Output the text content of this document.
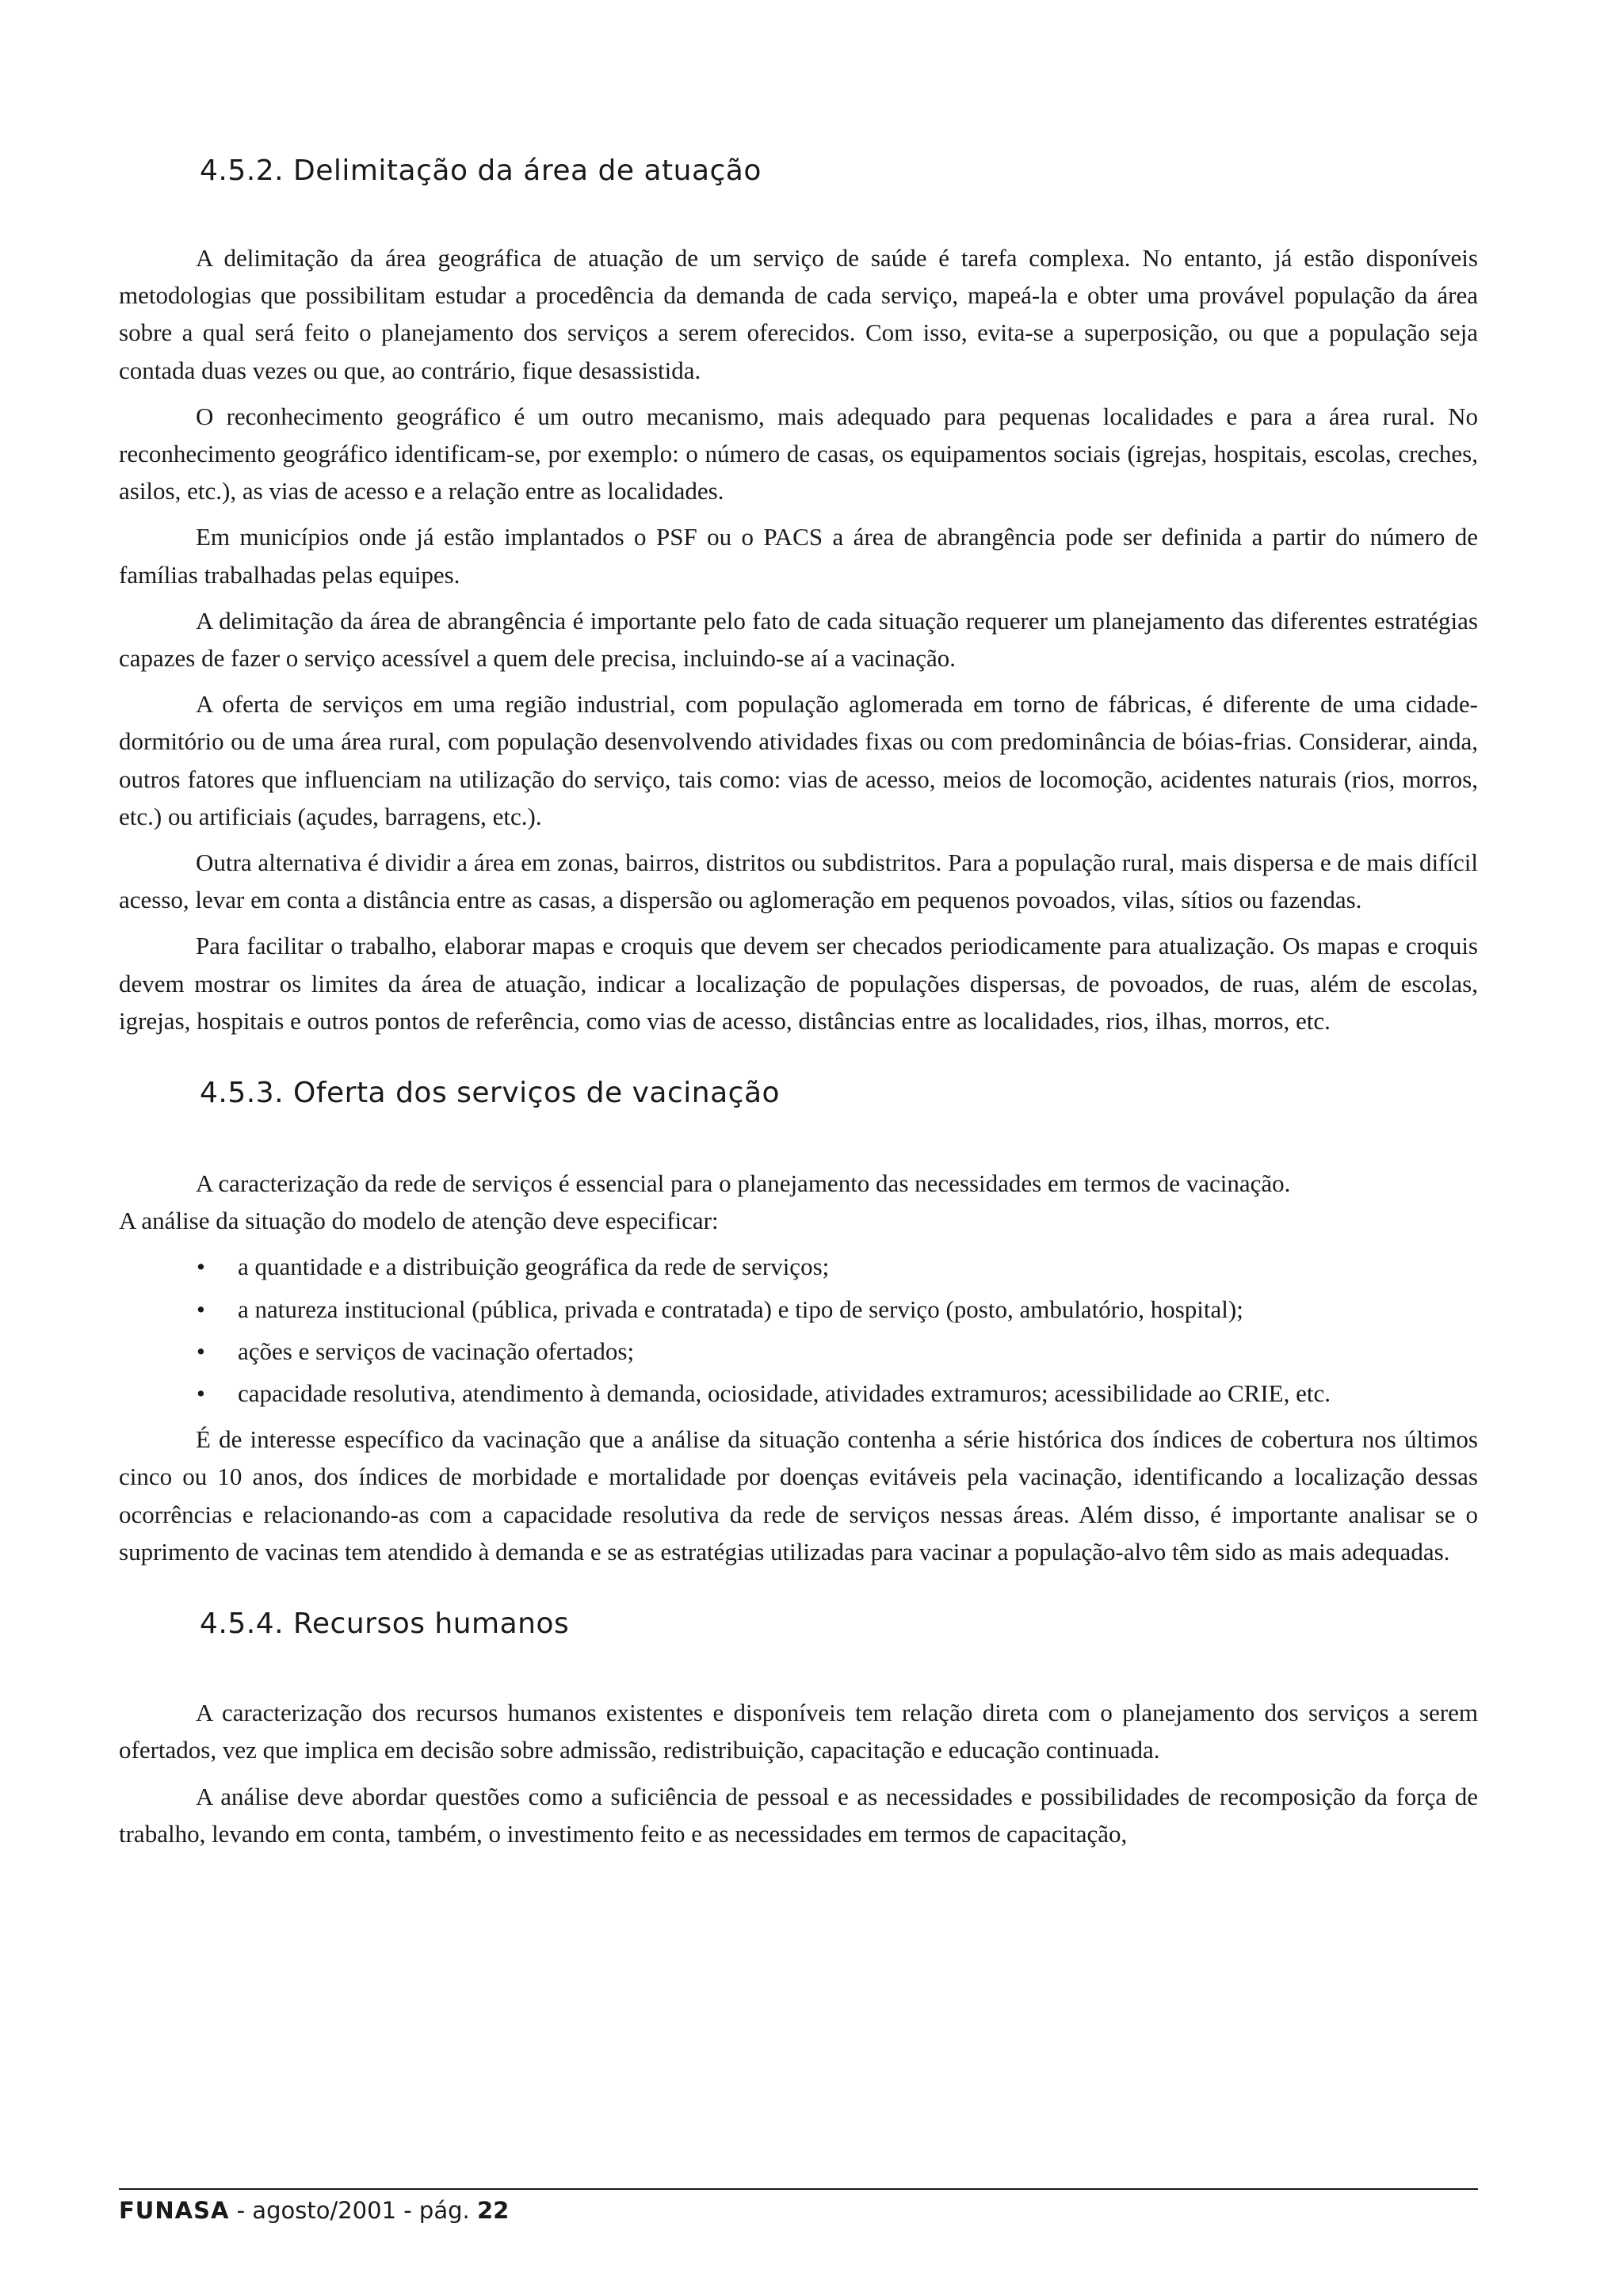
4.5.2. Delimitação da área de atuação

A delimitação da área geográfica de atuação de um serviço de saúde é tarefa complexa. No entanto, já estão disponíveis metodologias que possibilitam estudar a procedência da demanda de cada serviço, mapeá-la e obter uma provável população da área sobre a qual será feito o planejamento dos serviços a serem oferecidos. Com isso, evita-se a superposição, ou que a população seja contada duas vezes ou que, ao contrário, fique desassistida.

O reconhecimento geográfico é um outro mecanismo, mais adequado para pequenas localidades e para a área rural. No reconhecimento geográfico identificam-se, por exemplo: o número de casas, os equipamentos sociais (igrejas, hospitais, escolas, creches, asilos, etc.), as vias de acesso e a relação entre as localidades.

Em municípios onde já estão implantados o PSF ou o PACS a área de abrangência pode ser definida a partir do número de famílias trabalhadas pelas equipes.

A delimitação da área de abrangência é importante pelo fato de cada situação requerer um planejamento das diferentes estratégias capazes de fazer o serviço acessível a quem dele precisa, incluindo-se aí a vacinação.

A oferta de serviços em uma região industrial, com população aglomerada em torno de fábricas, é diferente de uma cidade-dormitório ou de uma área rural, com população desenvolvendo atividades fixas ou com predominância de bóias-frias. Considerar, ainda, outros fatores que influenciam na utilização do serviço, tais como: vias de acesso, meios de locomoção, acidentes naturais (rios, morros, etc.) ou artificiais (açudes, barragens, etc.).

Outra alternativa é dividir a área em zonas, bairros, distritos ou subdistritos. Para a população rural, mais dispersa e de mais difícil acesso, levar em conta a distância entre as casas, a dispersão ou aglomeração em pequenos povoados, vilas, sítios ou fazendas.

Para facilitar o trabalho, elaborar mapas e croquis que devem ser checados periodicamente para atualização. Os mapas e croquis devem mostrar os limites da área de atuação, indicar a localização de populações dispersas, de povoados, de ruas, além de escolas, igrejas, hospitais e outros pontos de referência, como vias de acesso, distâncias entre as localidades, rios, ilhas, morros, etc.

4.5.3. Oferta dos serviços de vacinação

A caracterização da rede de serviços é essencial para o planejamento das necessidades em termos de vacinação.

A análise da situação do modelo de atenção deve especificar:

• a quantidade e a distribuição geográfica da rede de serviços;
• a natureza institucional (pública, privada e contratada) e tipo de serviço (posto, ambulatório, hospital);
• ações e serviços de vacinação ofertados;
• capacidade resolutiva, atendimento à demanda, ociosidade, atividades extramuros; acessibilidade ao CRIE, etc.

É de interesse específico da vacinação que a análise da situação contenha a série histórica dos índices de cobertura nos últimos cinco ou 10 anos, dos índices de morbidade e mortalidade por doenças evitáveis pela vacinação, identificando a localização dessas ocorrências e relacionando-as com a capacidade resolutiva da rede de serviços nessas áreas. Além disso, é importante analisar se o suprimento de vacinas tem atendido à demanda e se as estratégias utilizadas para vacinar a população-alvo têm sido as mais adequadas.

4.5.4. Recursos humanos

A caracterização dos recursos humanos existentes e disponíveis tem relação direta com o planejamento dos serviços a serem ofertados, vez que implica em decisão sobre admissão, redistribuição, capacitação e educação continuada.

A análise deve abordar questões como a suficiência de pessoal e as necessidades e possibilidades de recomposição da força de trabalho, levando em conta, também, o investimento feito e as necessidades em termos de capacitação,

FUNASA - agosto/2001 - pág. 22
